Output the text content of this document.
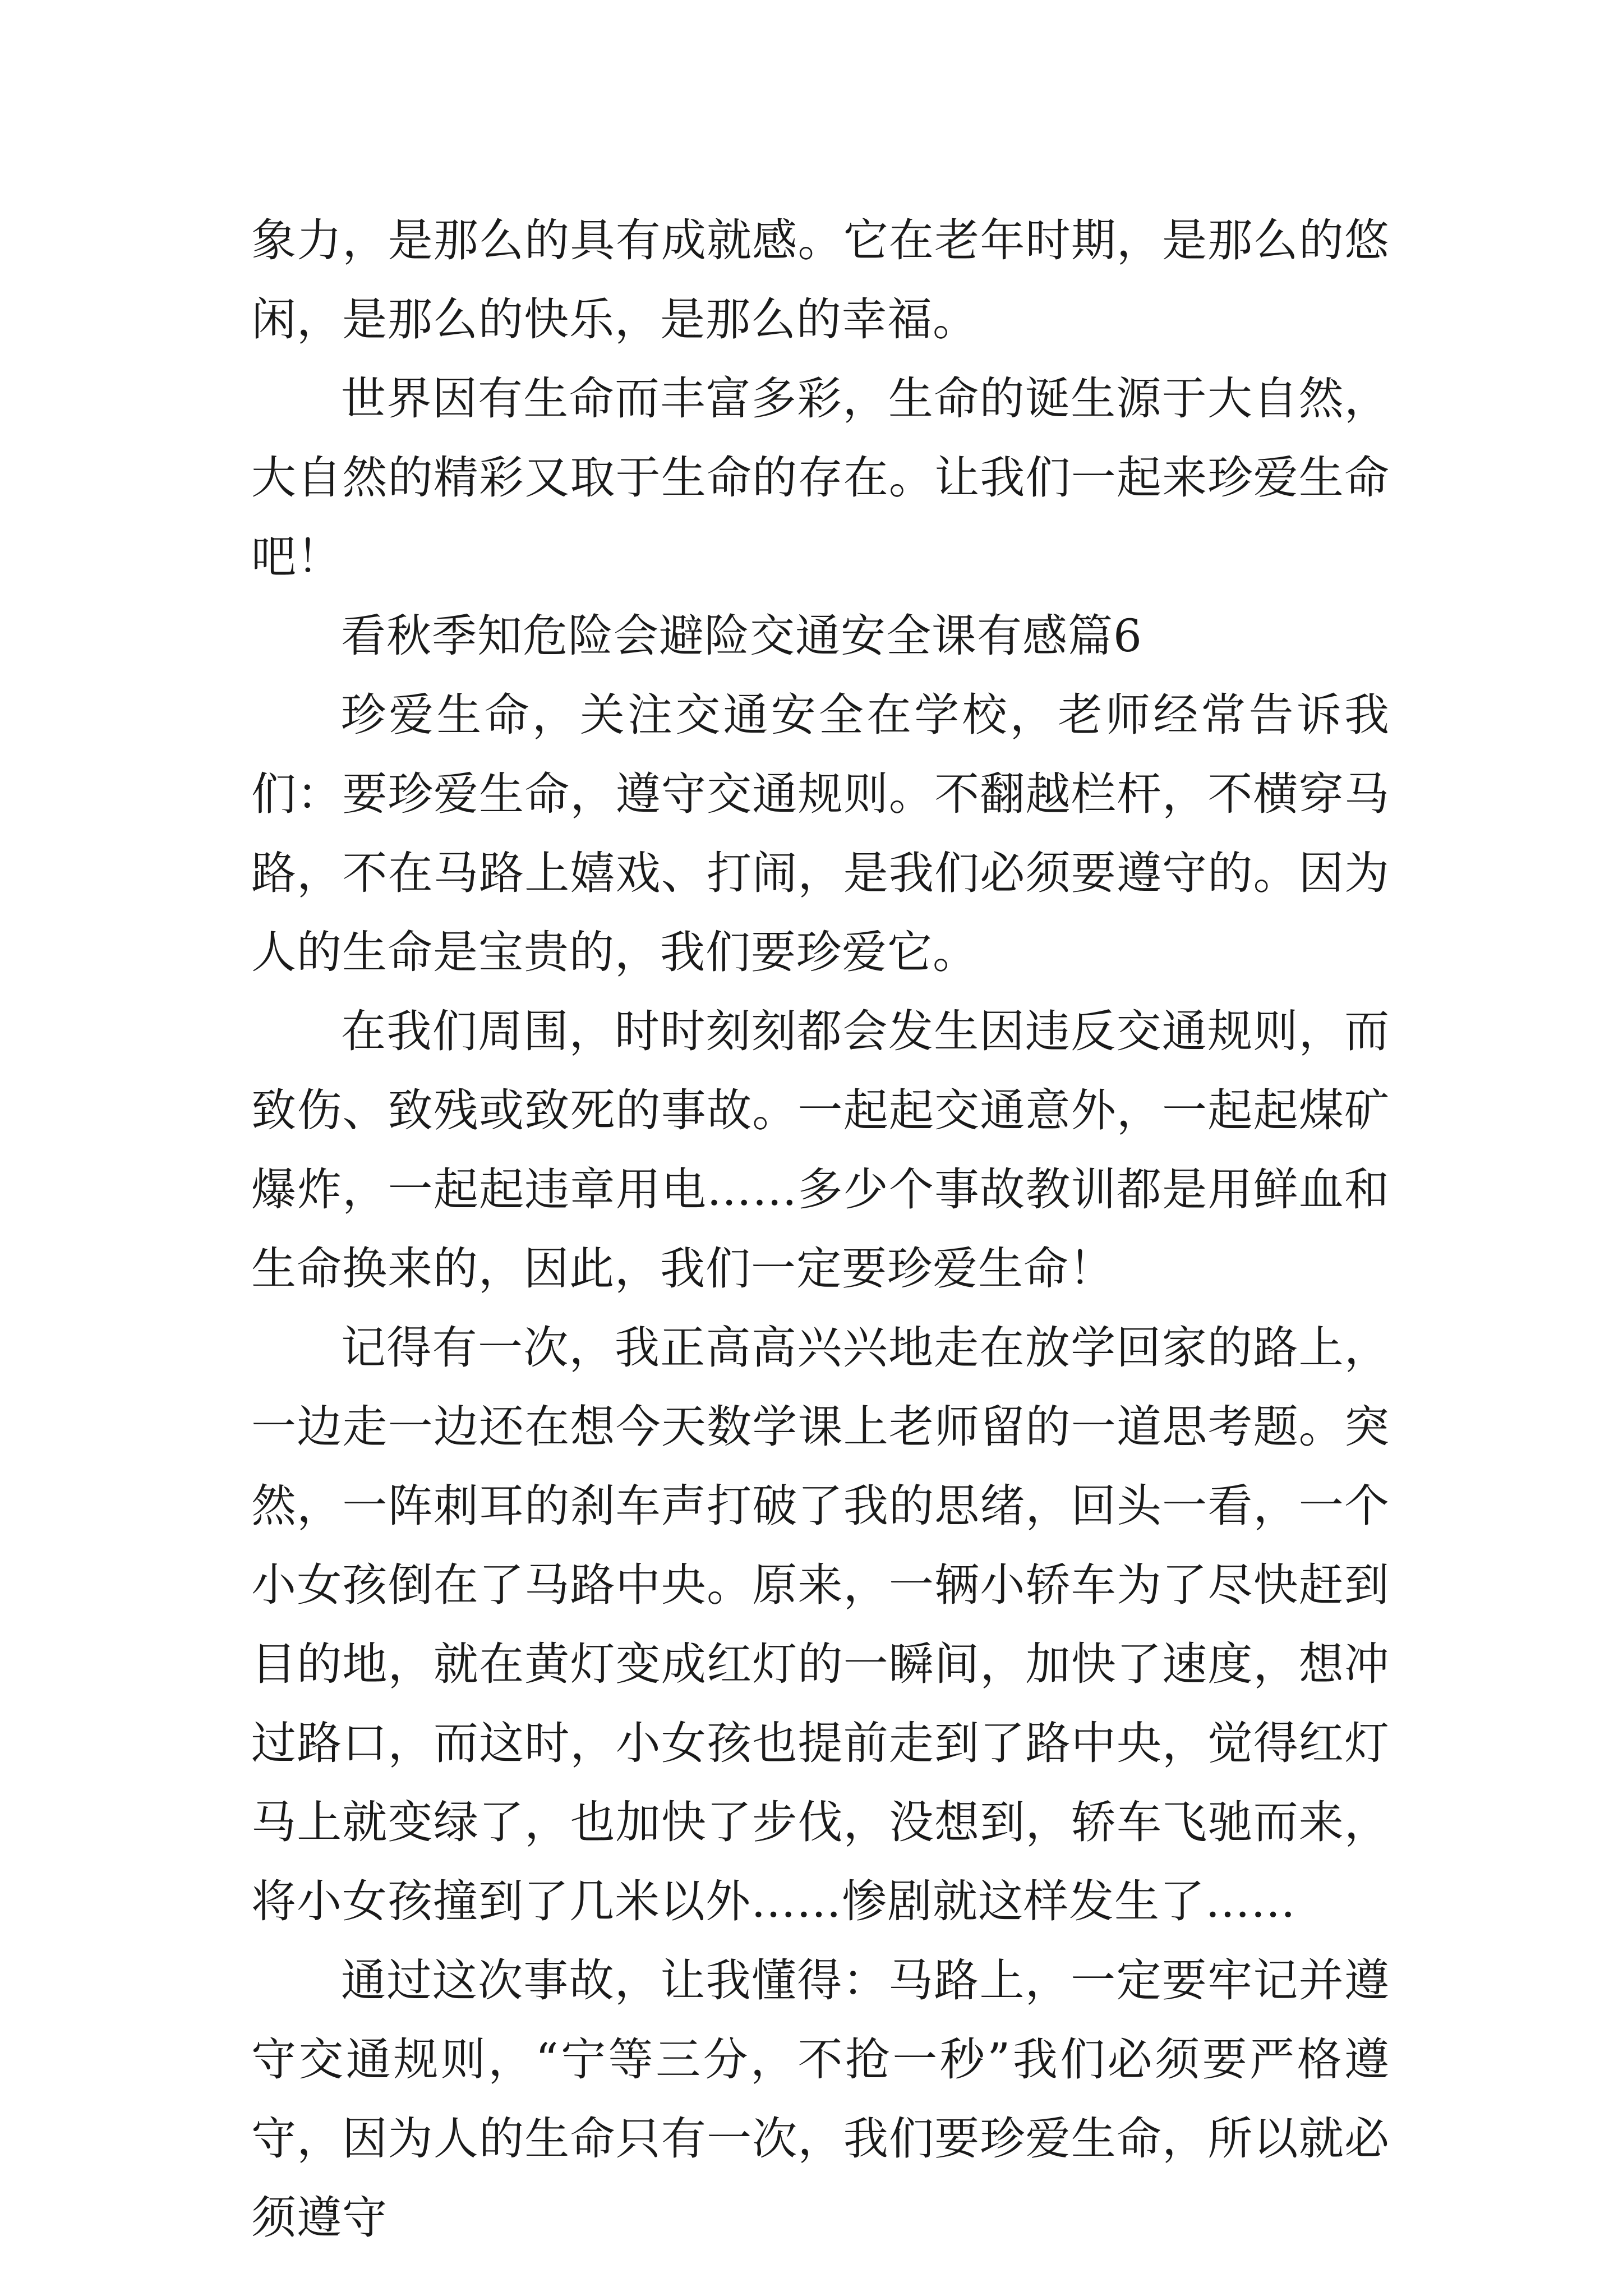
象力，是那么的具有成就感。它在老年时期，是那么的悠闲，是那么的快乐，是那么的幸福。

世界因有生命而丰富多彩，生命的诞生源于大自然，大自然的精彩又取于生命的存在。让我们一起来珍爱生命吧！

看秋季知危险会避险交通安全课有感篇6

珍爱生命，关注交通安全在学校，老师经常告诉我们：要珍爱生命，遵守交通规则。不翻越栏杆，不横穿马路，不在马路上嬉戏、打闹，是我们必须要遵守的。因为人的生命是宝贵的，我们要珍爱它。

在我们周围，时时刻刻都会发生因违反交通规则，而致伤、致残或致死的事故。一起起交通意外，一起起煤矿爆炸，一起起违章用电……多少个事故教训都是用鲜血和生命换来的，因此，我们一定要珍爱生命！

记得有一次，我正高高兴兴地走在放学回家的路上，一边走一边还在想今天数学课上老师留的一道思考题。突然，一阵刺耳的刹车声打破了我的思绪，回头一看，一个小女孩倒在了马路中央。原来，一辆小轿车为了尽快赶到目的地，就在黄灯变成红灯的一瞬间，加快了速度，想冲过路口，而这时，小女孩也提前走到了路中央，觉得红灯马上就变绿了，也加快了步伐，没想到，轿车飞驰而来，将小女孩撞到了几米以外……惨剧就这样发生了……

通过这次事故，让我懂得：马路上，一定要牢记并遵守交通规则，“宁等三分，不抢一秒”我们必须要严格遵守，因为人的生命只有一次，我们要珍爱生命，所以就必须遵守
